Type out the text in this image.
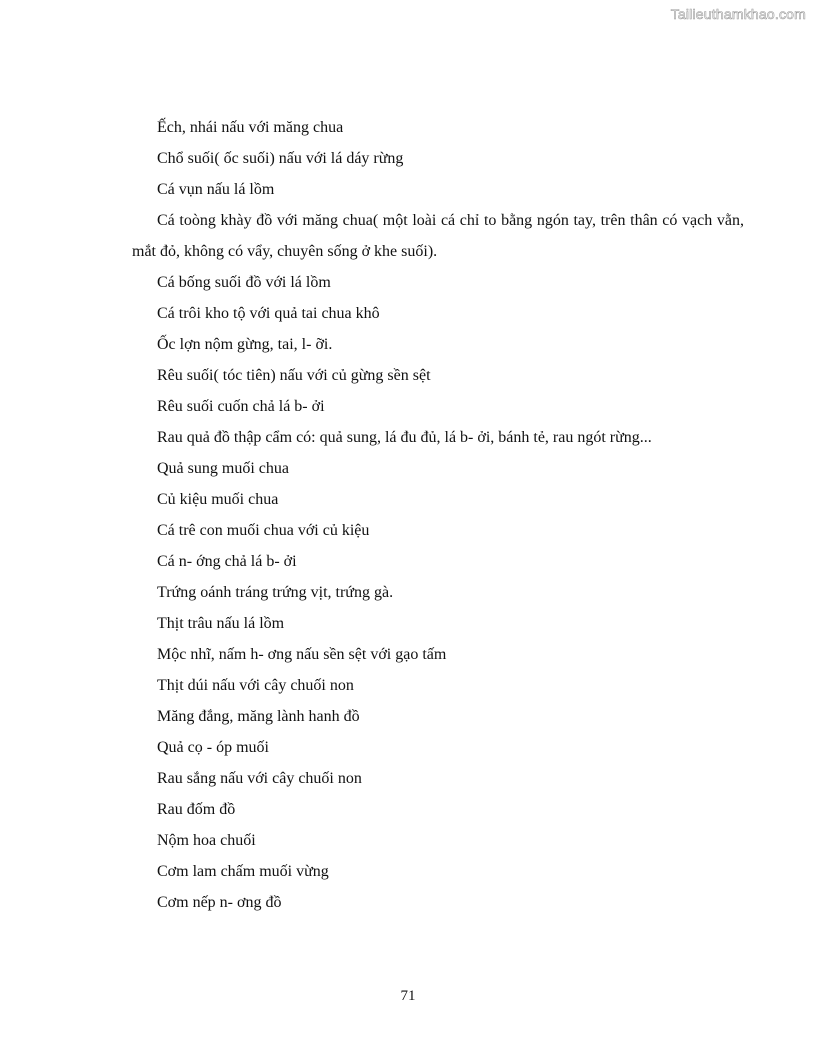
Tailieuthamkhao.com
Ếch, nhái nấu với măng chua
Chổ suối( ốc suối) nấu với lá dáy rừng
Cá vụn nấu lá lồm
Cá toòng khày đồ với măng chua( một loài cá chỉ to bằng ngón tay, trên thân có vạch vằn, mắt đỏ, không có vẩy, chuyên sống ở khe suối).
Cá bống suối đồ với lá lồm
Cá trôi kho tộ với quả tai chua khô
Ốc lợn nộm gừng, tai, l- ỡi.
Rêu suối( tóc tiên) nấu với củ gừng sền sệt
Rêu suối cuốn chả lá b- ởi
Rau quả đồ thập cẩm có: quả sung, lá đu đủ, lá b- ởi, bánh tẻ, rau ngót rừng...
Quả sung muối chua
Củ kiệu muối chua
Cá trê con muối chua với củ kiệu
Cá n- ớng chả lá b- ởi
Trứng oánh tráng trứng vịt, trứng gà.
Thịt trâu nấu lá lồm
Mộc nhĩ, nấm h- ơng nấu sền sệt với gạo tấm
Thịt dúi nấu với cây chuối non
Măng đắng, măng lành hanh đồ
Quả cọ - óp muối
Rau sắng nấu với cây chuối non
Rau đốm đồ
Nộm hoa chuối
Cơm lam chấm muối vừng
Cơm nếp n- ơng đồ
71
